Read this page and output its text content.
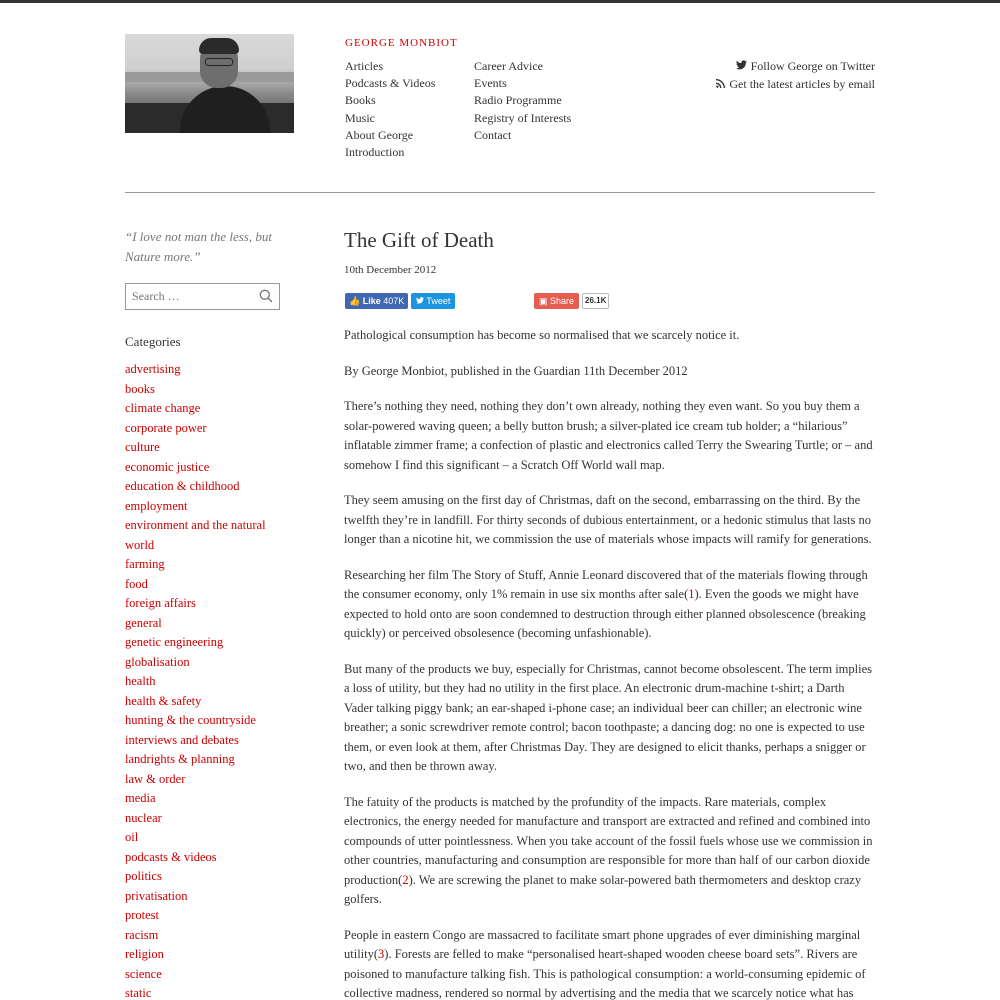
GEORGE MONBIOT
Articles
Podcasts & Videos
Books
Music
About George
Introduction
Career Advice
Events
Radio Programme
Registry of Interests
Contact
Follow George on Twitter
Get the latest articles by email

“I love not man the less, but Nature more.”

Search …
Categories
advertising
books
climate change
corporate power
culture
economic justice
education & childhood
employment
environment and the natural world
farming
food
foreign affairs
general
genetic engineering
globalisation
health
health & safety
hunting & the countryside
interviews and debates
landrights & planning
law & order
media
nuclear
oil
podcasts & videos
politics
privatisation
protest
racism
religion
science
static
The Gift of Death
10th December 2012
👍 Like 407K	Tweet	▣ Share	26.1K

Pathological consumption has become so normalised that we scarcely notice it.

By George Monbiot, published in the Guardian 11th December 2012

There’s nothing they need, nothing they don’t own already, nothing they even want. So you buy them a solar-powered waving queen; a belly button brush; a silver-plated ice cream tub holder; a “hilarious” inflatable zimmer frame; a confection of plastic and electronics called Terry the Swearing Turtle; or – and somehow I find this significant – a Scratch Off World wall map.

They seem amusing on the first day of Christmas, daft on the second, embarrassing on the third. By the twelfth they’re in landfill. For thirty seconds of dubious entertainment, or a hedonic stimulus that lasts no longer than a nicotine hit, we commission the use of materials whose impacts will ramify for generations.

Researching her film The Story of Stuff, Annie Leonard discovered that of the materials flowing through the consumer economy, only 1% remain in use six months after sale(1). Even the goods we might have expected to hold onto are soon condemned to destruction through either planned obsolescence (breaking quickly) or perceived obsolesence (becoming unfashionable).

But many of the products we buy, especially for Christmas, cannot become obsolescent. The term implies a loss of utility, but they had no utility in the first place. An electronic drum-machine t-shirt; a Darth Vader talking piggy bank; an ear-shaped i-phone case; an individual beer can chiller; an electronic wine breather; a sonic screwdriver remote control; bacon toothpaste; a dancing dog: no one is expected to use them, or even look at them, after Christmas Day. They are designed to elicit thanks, perhaps a snigger or two, and then be thrown away.

The fatuity of the products is matched by the profundity of the impacts. Rare materials, complex electronics, the energy needed for manufacture and transport are extracted and refined and combined into compounds of utter pointlessness. When you take account of the fossil fuels whose use we commission in other countries, manufacturing and consumption are responsible for more than half of our carbon dioxide production(2). We are screwing the planet to make solar-powered bath thermometers and desktop crazy golfers.

People in eastern Congo are massacred to facilitate smart phone upgrades of ever diminishing marginal utility(3). Forests are felled to make “personalised heart-shaped wooden cheese board sets”. Rivers are poisoned to manufacture talking fish. This is pathological consumption: a world-consuming epidemic of collective madness, rendered so normal by advertising and the media that we scarcely notice what has
